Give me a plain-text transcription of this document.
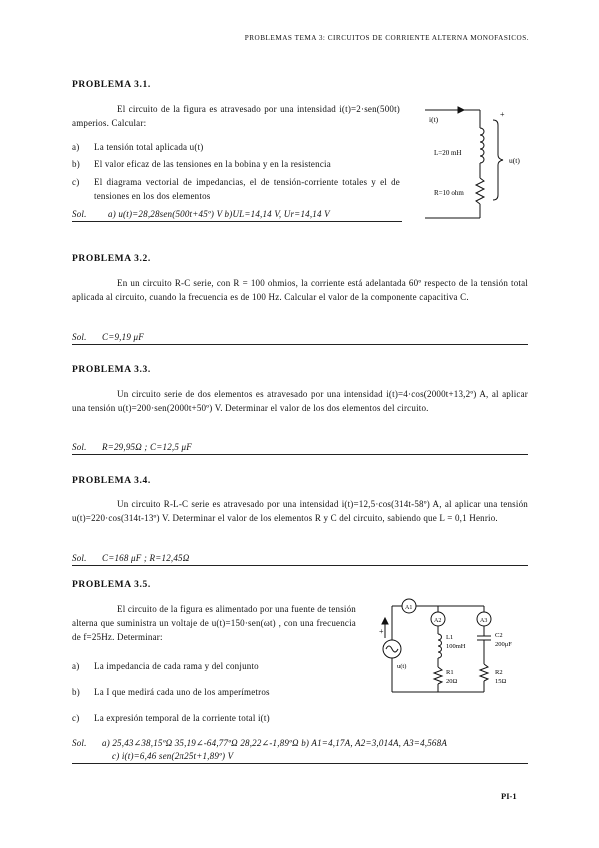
PROBLEMAS TEMA 3: CIRCUITOS DE CORRIENTE ALTERNA MONOFASICOS.
PROBLEMA 3.1.
El circuito de la figura es atravesado por una intensidad i(t)=2·sen(500t) amperios. Calcular:
a) La tensión total aplicada u(t)
b) El valor eficaz de las tensiones en la bobina y en la resistencia
c) El diagrama vectorial de impedancias, el de tensión-corriente totales y el de tensiones en los dos elementos
Sol. a) u(t)=28,28sen(500t+45º) V b)UL=14,14 V, Ur=14,14 V
i(t)
+
L=20 mH
R=10 ohm
u(t)
PROBLEMA 3.2.
En un circuito R-C serie, con R = 100 ohmios, la corriente está adelantada 60º respecto de la tensión total aplicada al circuito, cuando la frecuencia es de 100 Hz. Calcular el valor de la componente capacitiva C.
Sol. C=9,19 μF
PROBLEMA 3.3.
Un circuito serie de dos elementos es atravesado por una intensidad i(t)=4·cos(2000t+13,2º) A, al aplicar una tensión u(t)=200·sen(2000t+50º) V. Determinar el valor de los dos elementos del circuito.
Sol. R=29,95Ω ; C=12,5 μF
PROBLEMA 3.4.
Un circuito R-L-C serie es atravesado por una intensidad i(t)=12,5·cos(314t-58º) A, al aplicar una tensión u(t)=220·cos(314t-13º) V. Determinar el valor de los elementos R y C del circuito, sabiendo que L = 0,1 Henrio.
Sol. C=168 μF ; R=12,45Ω
PROBLEMA 3.5.
El circuito de la figura es alimentado por una fuente de tensión alterna que suministra un voltaje de u(t)=150·sen(ωt) , con una frecuencia de f=25Hz. Determinar:
a) La impedancia de cada rama y del conjunto
b) La I que medirá cada uno de los amperímetros
c) La expresión temporal de la corriente total i(t)
Sol. a) 25,43∠38,15ºΩ 35,19∠-64,77ºΩ 28,22∠-1,89ºΩ b) A1=4,17A, A2=3,014A, A3=4,568A
c) i(t)=6,46 sen(2π25t+1,89º) V
A1
A2	A3
+
u(t)
L1
100mH
R1
20Ω
C2
200μF
R2
15Ω
PI-1
